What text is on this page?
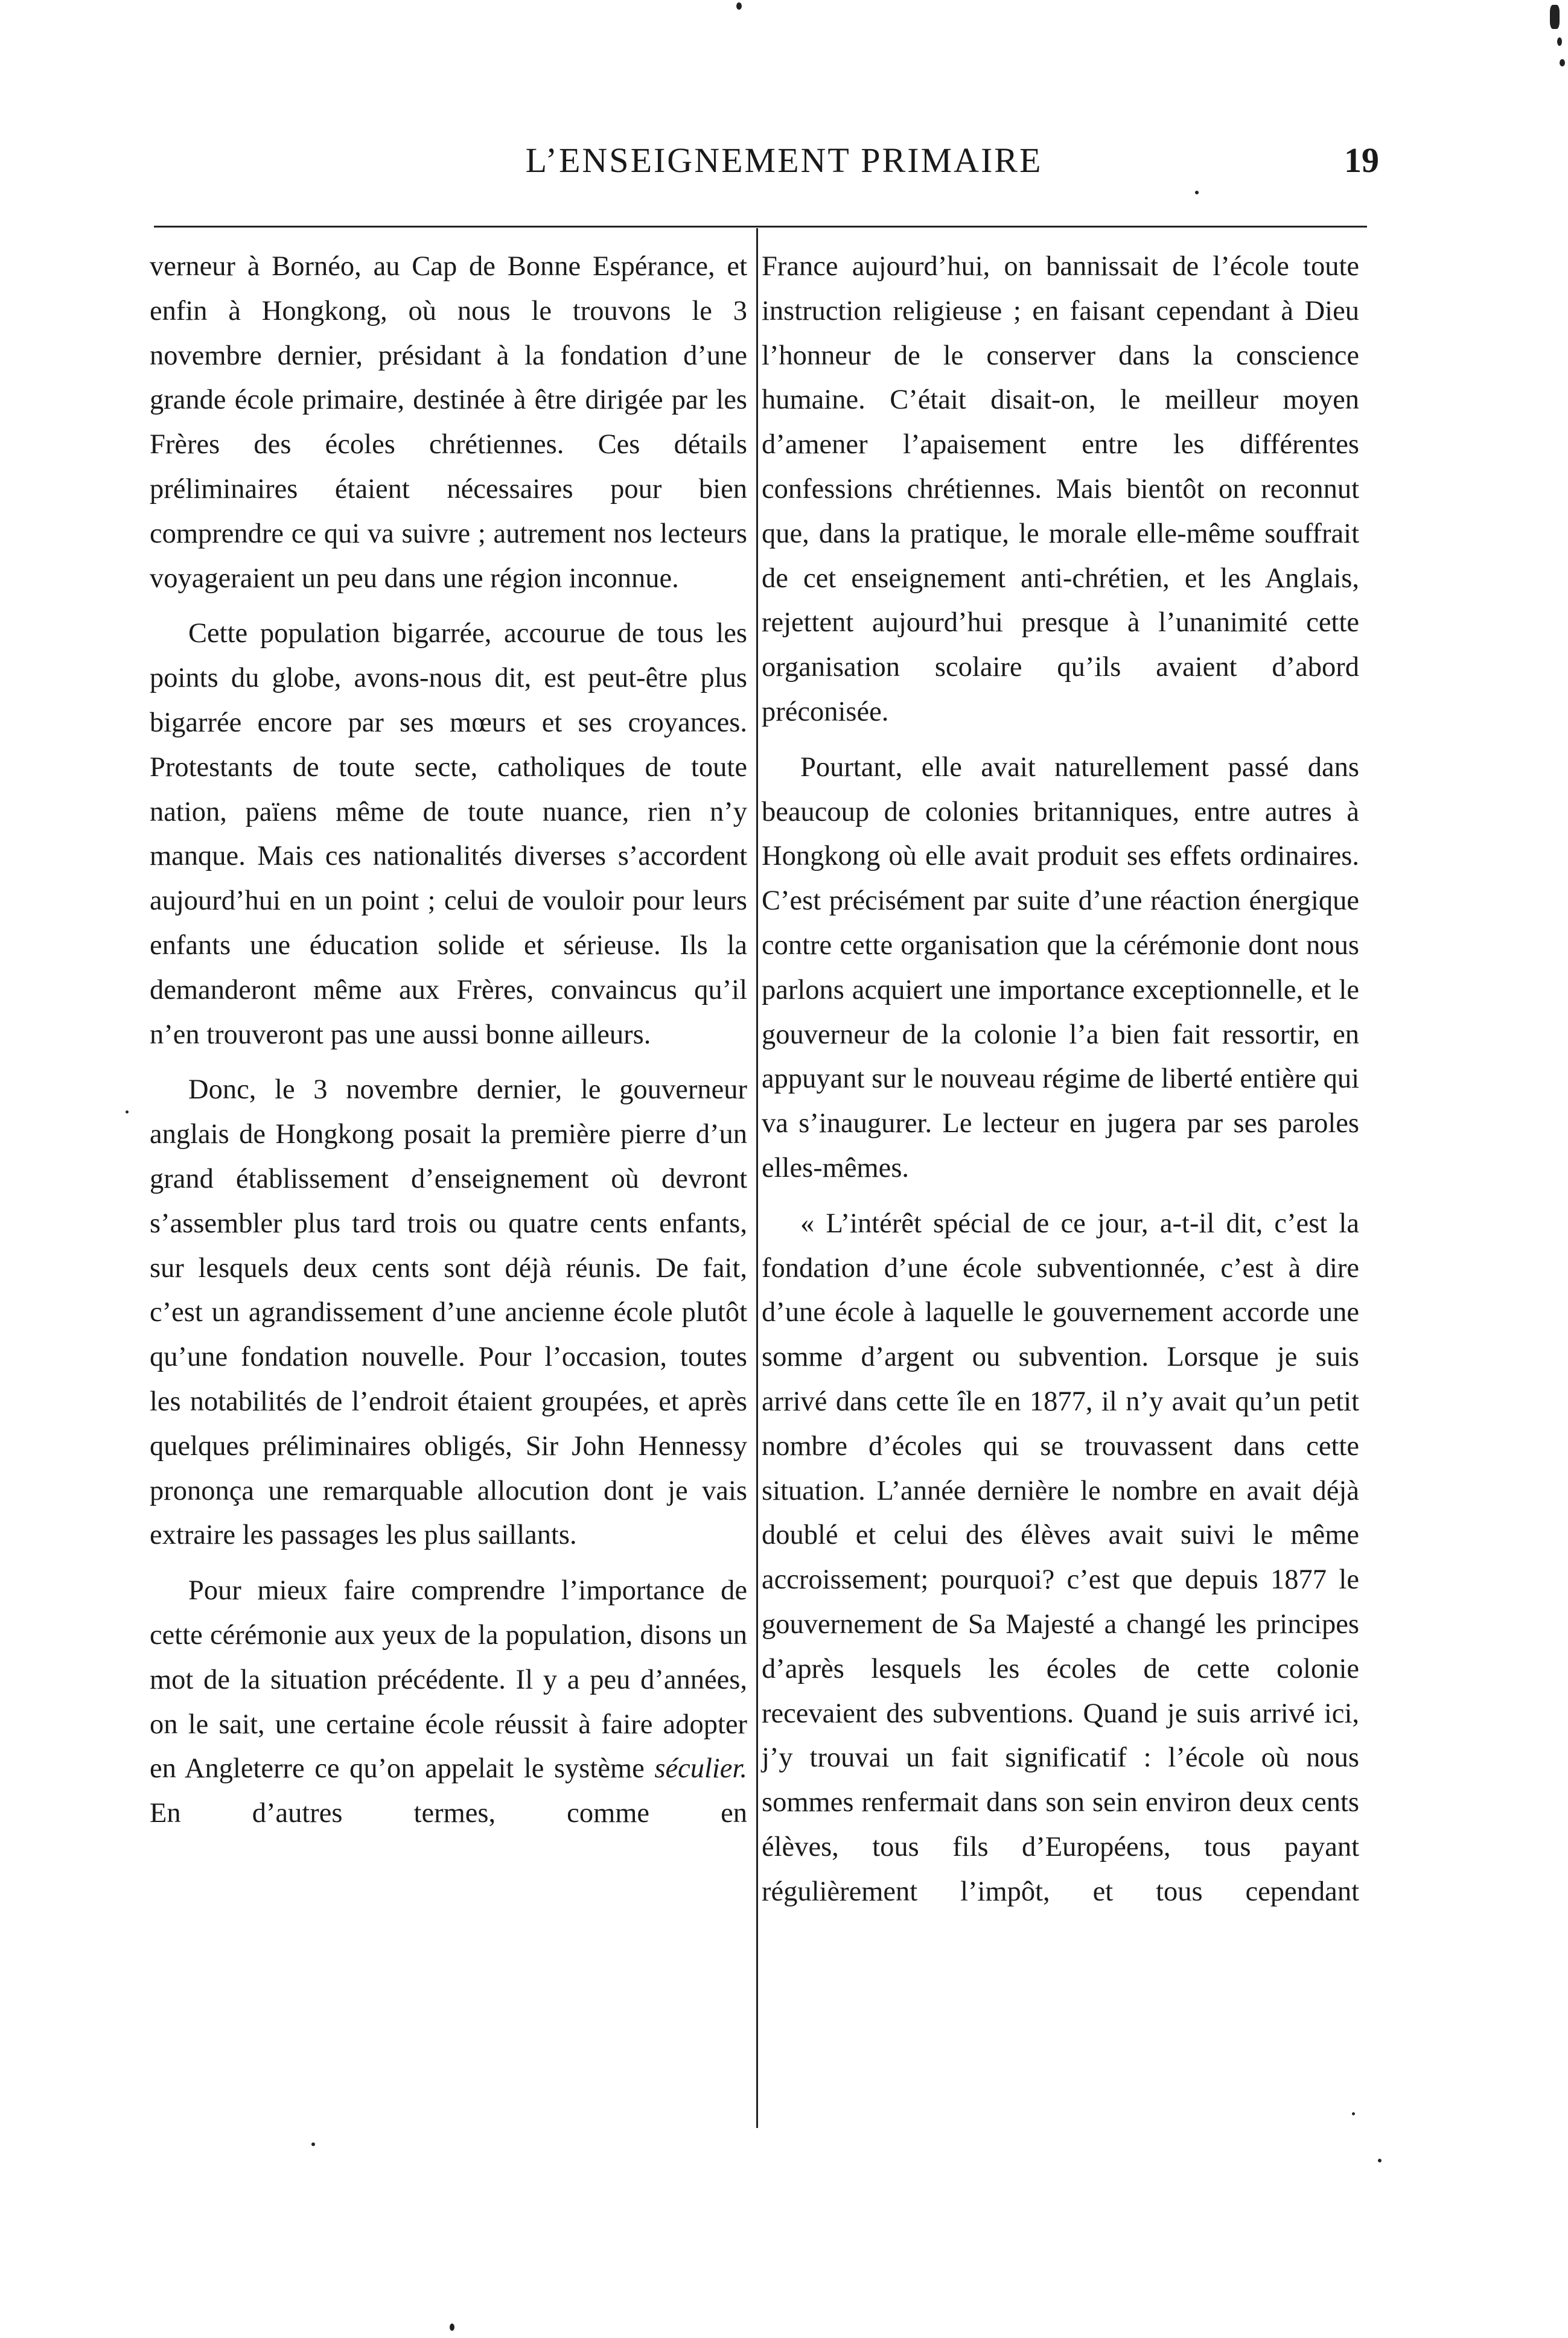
L’ENSEIGNEMENT PRIMAIRE	19

verneur à Bornéo, au Cap de Bonne Espérance, et enfin à Hongkong, où nous le trouvons le 3 novembre dernier, présidant à la fondation d’une grande école primaire, destinée à être dirigée par les Frères des écoles chrétiennes. Ces détails préliminaires étaient nécessaires pour bien comprendre ce qui va suivre ; autrement nos lecteurs voyageraient un peu dans une région inconnue.

Cette population bigarrée, accourue de tous les points du globe, avons-nous dit, est peut-être plus bigarrée encore par ses mœurs et ses croyances. Protestants de toute secte, catholiques de toute nation, païens même de toute nuance, rien n’y manque. Mais ces nationalités diverses s’accordent aujourd’hui en un point ; celui de vouloir pour leurs enfants une éducation solide et sérieuse. Ils la demanderont même aux Frères, convaincus qu’il n’en trouveront pas une aussi bonne ailleurs.

Donc, le 3 novembre dernier, le gouverneur anglais de Hongkong posait la première pierre d’un grand établissement d’enseignement où devront s’assembler plus tard trois ou quatre cents enfants, sur lesquels deux cents sont déjà réunis. De fait, c’est un agrandissement d’une ancienne école plutôt qu’une fondation nouvelle. Pour l’occasion, toutes les notabilités de l’endroit étaient groupées, et après quelques préliminaires obligés, Sir John Hennessy prononça une remarquable allocution dont je vais extraire les passages les plus saillants.

Pour mieux faire comprendre l’importance de cette cérémonie aux yeux de la population, disons un mot de la situation précédente. Il y a peu d’années, on le sait, une certaine école réussit à faire adopter en Angleterre ce qu’on appelait le système séculier. En d’autres termes, comme en

France aujourd’hui, on bannissait de l’école toute instruction religieuse ; en faisant cependant à Dieu l’honneur de le conserver dans la conscience humaine. C’était disait-on, le meilleur moyen d’amener l’apaisement entre les différentes confessions chrétiennes. Mais bientôt on reconnut que, dans la pratique, le morale elle-même souffrait de cet enseignement anti-chrétien, et les Anglais, rejettent aujourd’hui presque à l’unanimité cette organisation scolaire qu’ils avaient d’abord préconisée.

Pourtant, elle avait naturellement passé dans beaucoup de colonies britanniques, entre autres à Hongkong où elle avait produit ses effets ordinaires. C’est précisément par suite d’une réaction énergique contre cette organisation que la cérémonie dont nous parlons acquiert une importance exceptionnelle, et le gouverneur de la colonie l’a bien fait ressortir, en appuyant sur le nouveau régime de liberté entière qui va s’inaugurer. Le lecteur en jugera par ses paroles elles-mêmes.

« L’intérêt spécial de ce jour, a-t-il dit, c’est la fondation d’une école subventionnée, c’est à dire d’une école à laquelle le gouvernement accorde une somme d’argent ou subvention. Lorsque je suis arrivé dans cette île en 1877, il n’y avait qu’un petit nombre d’écoles qui se trouvassent dans cette situation. L’année dernière le nombre en avait déjà doublé et celui des élèves avait suivi le même accroissement; pourquoi? c’est que depuis 1877 le gouvernement de Sa Majesté a changé les principes d’après lesquels les écoles de cette colonie recevaient des subventions. Quand je suis arrivé ici, j’y trouvai un fait significatif : l’école où nous sommes renfermait dans son sein environ deux cents élèves, tous fils d’Européens, tous payant régulièrement l’impôt, et tous cependant
